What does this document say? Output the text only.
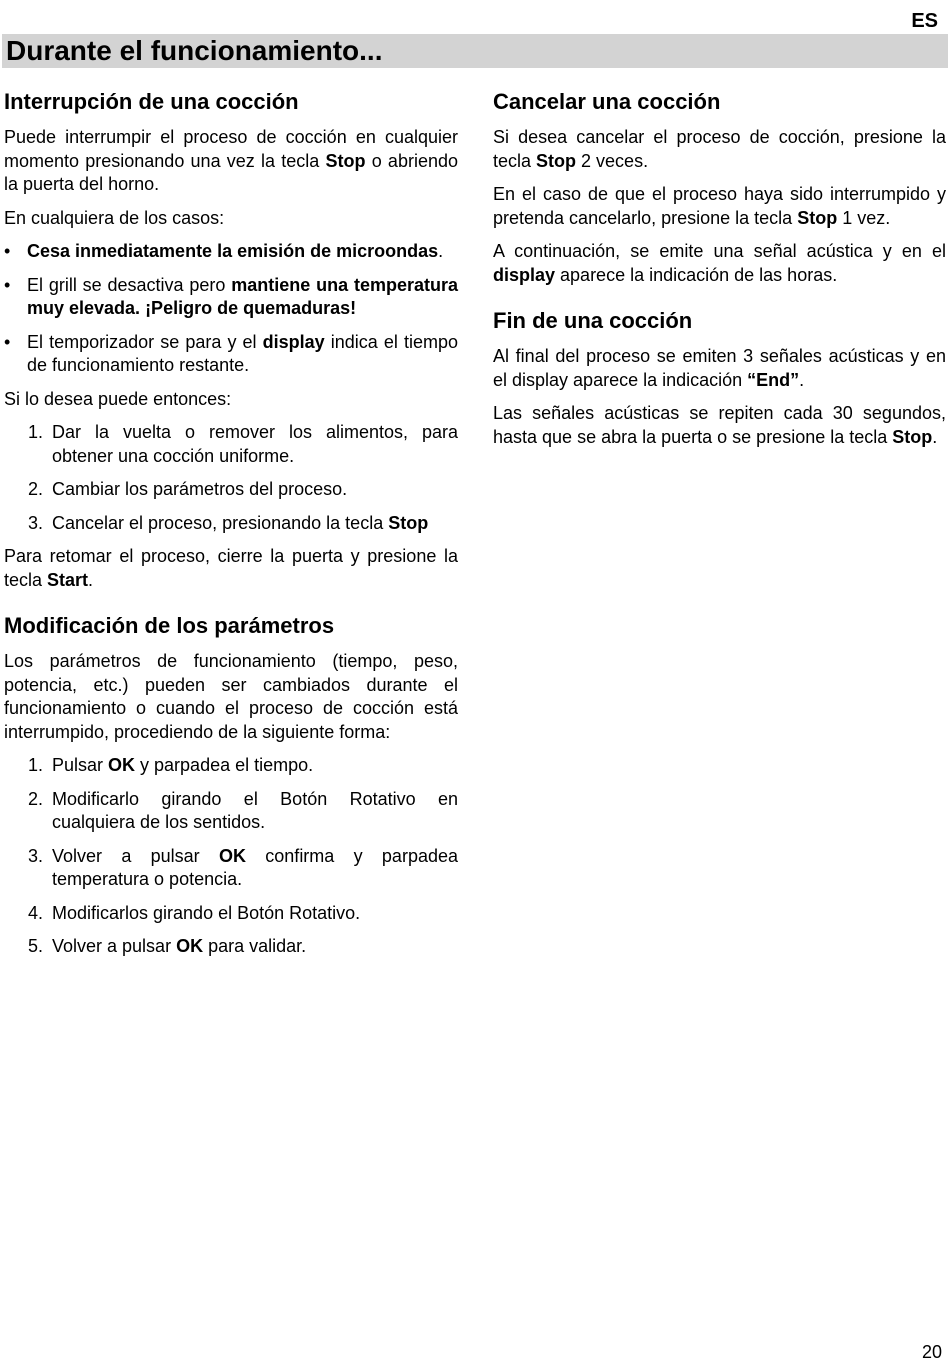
ES
Durante el funcionamiento...
Interrupción de una cocción

Puede interrumpir el proceso de cocción en cualquier momento presionando una vez la tecla Stop o abriendo la puerta del horno.

En cualquiera de los casos:

• Cesa inmediatamente la emisión de microondas.
• El grill se desactiva pero mantiene una temperatura muy elevada. ¡Peligro de quemaduras!
• El temporizador se para y el display indica el tiempo de funcionamiento restante.

Si lo desea puede entonces:

1. Dar la vuelta o remover los alimentos, para obtener una cocción uniforme.
2. Cambiar los parámetros del proceso.
3. Cancelar el proceso, presionando la tecla Stop

Para retomar el proceso, cierre la puerta y presione la tecla Start.

Modificación de los parámetros

Los parámetros de funcionamiento (tiempo, peso, potencia, etc.) pueden ser cambiados durante el funcionamiento o cuando el proceso de cocción está interrumpido, procediendo de la siguiente forma:

1. Pulsar OK y parpadea el tiempo.
2. Modificarlo girando el Botón Rotativo en cualquiera de los sentidos.
3. Volver a pulsar OK confirma y parpadea temperatura o potencia.
4. Modificarlos girando el Botón Rotativo.
5. Volver a pulsar OK para validar.
Cancelar una cocción

Si desea cancelar el proceso de cocción, presione la tecla Stop 2 veces.

En el caso de que el proceso haya sido interrumpido y pretenda cancelarlo, presione la tecla Stop 1 vez.

A continuación, se emite una señal acústica y en el display aparece la indicación de las horas.

Fin de una cocción

Al final del proceso se emiten 3 señales acústicas y en el display aparece la indicación “End”.

Las señales acústicas se repiten cada 30 segundos, hasta que se abra la puerta o se presione la tecla Stop.

20
